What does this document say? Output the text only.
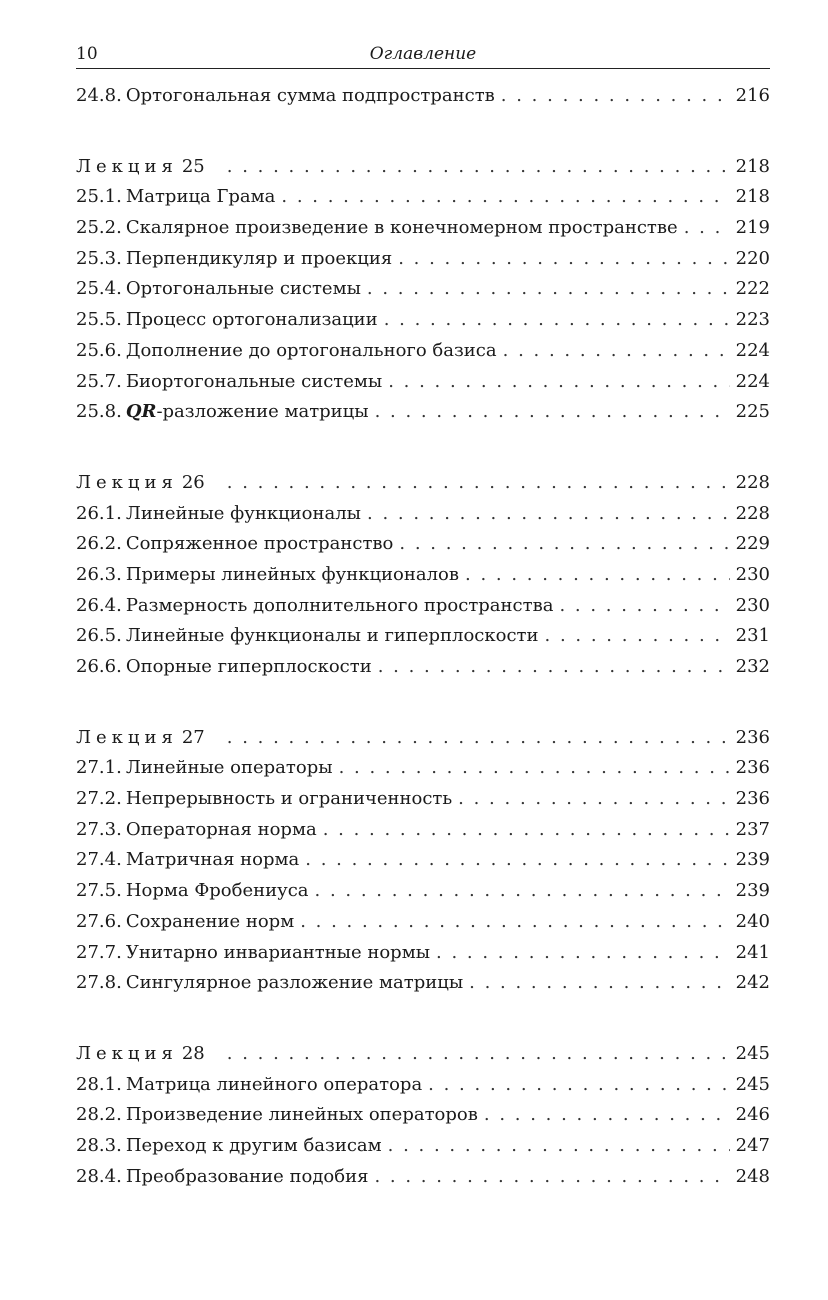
10	Оглавление
24.8. Ортогональная сумма подпространств . . .	216
Лекция 25 . . .	218
25.1. Матрица Грама . . .	218
25.2. Скалярное произведение в конечномерном пространстве . . .	219
25.3. Перпендикуляр и проекция . . .	220
25.4. Ортогональные системы . . .	222
25.5. Процесс ортогонализации . . .	223
25.6. Дополнение до ортогонального базиса . . .	224
25.7. Биортогональные системы . . .	224
25.8. QR-разложение матрицы . . .	225
Лекция 26 . . .	228
26.1. Линейные функционалы . . .	228
26.2. Сопряженное пространство . . .	229
26.3. Примеры линейных функционалов . . .	230
26.4. Размерность дополнительного пространства . . .	230
26.5. Линейные функционалы и гиперплоскости . . .	231
26.6. Опорные гиперплоскости . . .	232
Лекция 27 . . .	236
27.1. Линейные операторы . . .	236
27.2. Непрерывность и ограниченность . . .	236
27.3. Операторная норма . . .	237
27.4. Матричная норма . . .	239
27.5. Норма Фробениуса . . .	239
27.6. Сохранение норм . . .	240
27.7. Унитарно инвариантные нормы . . .	241
27.8. Сингулярное разложение матрицы . . .	242
Лекция 28 . . .	245
28.1. Матрица линейного оператора . . .	245
28.2. Произведение линейных операторов . . .	246
28.3. Переход к другим базисам . . .	247
28.4. Преобразование подобия . . .	248
